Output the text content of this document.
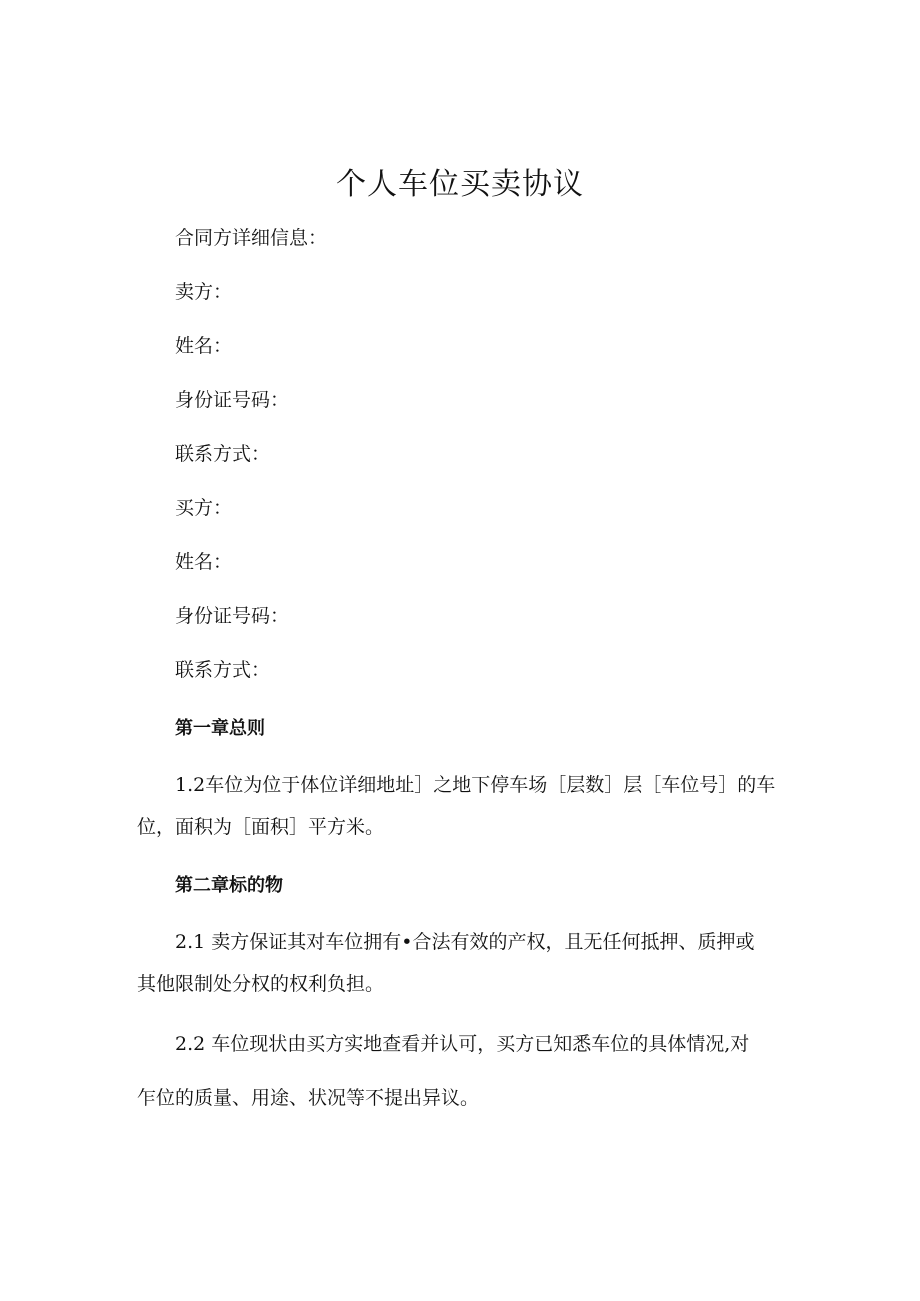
个人车位买卖协议

合同方详细信息：

卖方：

姓名：

身份证号码：

联系方式：

买方：

姓名：

身份证号码：

联系方式：

第一章总则

1.2车位为位于体位详细地址］之地下停车场［层数］层［车位号］的车
位，面积为［面积］平方米。

第二章标的物

2.1 卖方保证其对车位拥有•合法有效的产权，且无任何抵押、质押或
其他限制处分权的权利负担。

2.2 车位现状由买方实地查看并认可，买方已知悉车位的具体情况,对
乍位的质量、用途、状况等不提出异议。
